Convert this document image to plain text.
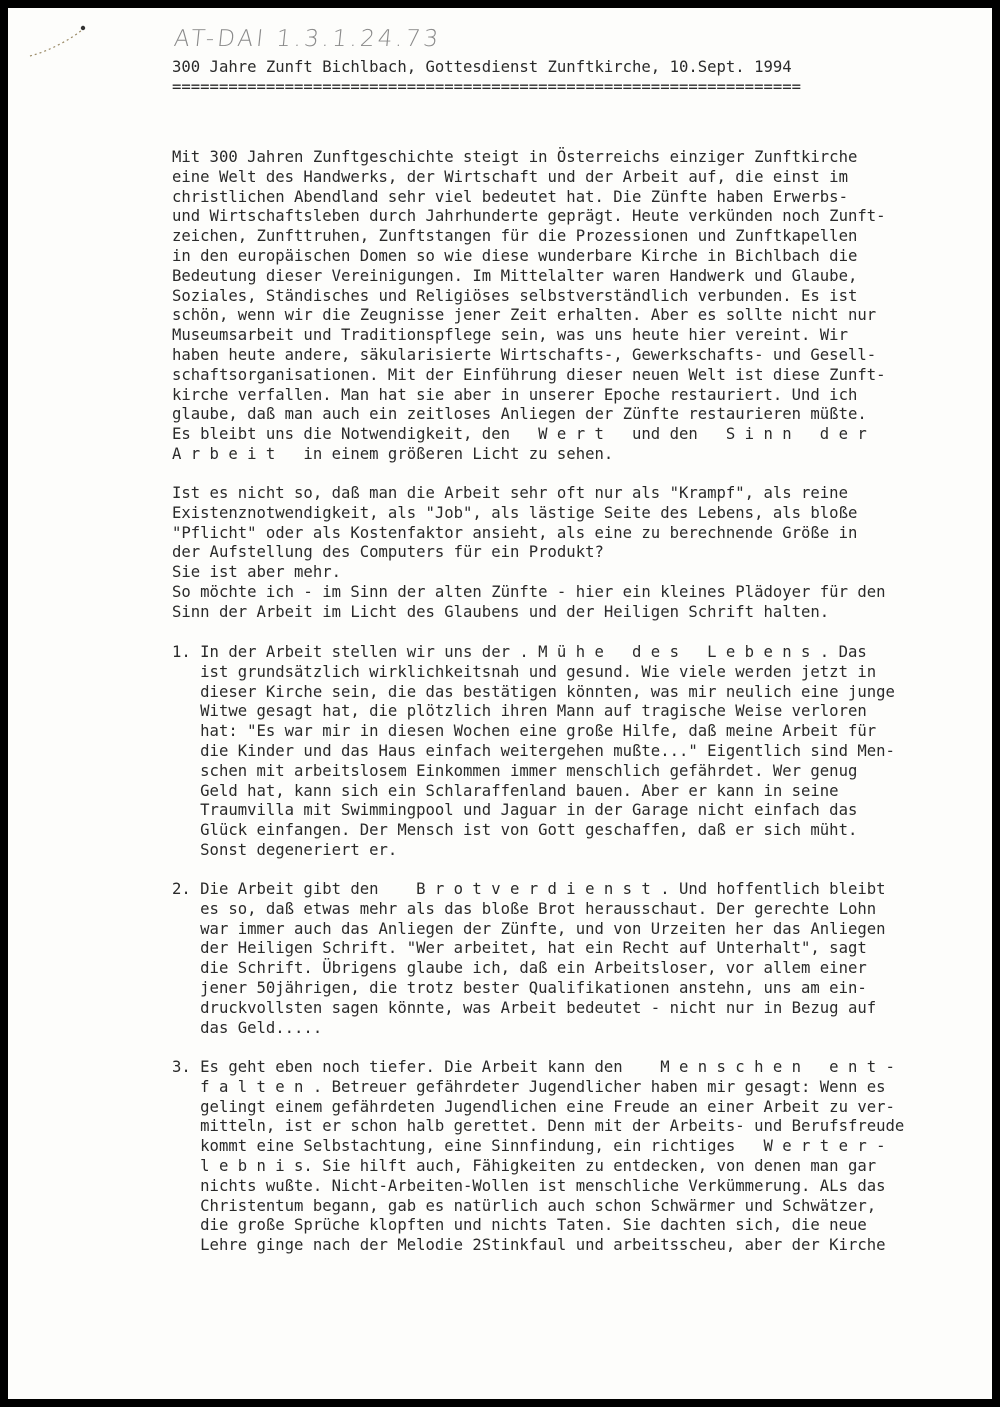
AT-DAI 1.3.1.24.73
300 Jahre Zunft Bichlbach, Gottesdienst Zunftkirche, 10.Sept. 1994
===================================================================
Mit 300 Jahren Zunftgeschichte steigt in Österreichs einziger Zunftkirche
eine Welt des Handwerks, der Wirtschaft und der Arbeit auf, die einst im
christlichen Abendland sehr viel bedeutet hat. Die Zünfte haben Erwerbs-
und Wirtschaftsleben durch Jahrhunderte geprägt. Heute verkünden noch Zunft-
zeichen, Zunfttruhen, Zunftstangen für die Prozessionen und Zunftkapellen
in den europäischen Domen so wie diese wunderbare Kirche in Bichlbach die
Bedeutung dieser Vereinigungen. Im Mittelalter waren Handwerk und Glaube,
Soziales, Ständisches und Religiöses selbstverständlich verbunden. Es ist
schön, wenn wir die Zeugnisse jener Zeit erhalten. Aber es sollte nicht nur
Museumsarbeit und Traditionspflege sein, was uns heute hier vereint. Wir
haben heute andere, säkularisierte Wirtschafts-, Gewerkschafts- und Gesell-
schaftsorganisationen. Mit der Einführung dieser neuen Welt ist diese Zunft-
kirche verfallen. Man hat sie aber in unserer Epoche restauriert. Und ich
glaube, daß man auch ein zeitloses Anliegen der Zünfte restaurieren müßte.
Es bleibt uns die Notwendigkeit, den   W e r t   und den   S i n n   d e r
A r b e i t   in einem größeren Licht zu sehen.
Ist es nicht so, daß man die Arbeit sehr oft nur als "Krampf", als reine
Existenznotwendigkeit, als "Job", als lästige Seite des Lebens, als bloße
"Pflicht" oder als Kostenfaktor ansieht, als eine zu berechnende Größe in
der Aufstellung des Computers für ein Produkt?
Sie ist aber mehr.
So möchte ich - im Sinn der alten Zünfte - hier ein kleines Plädoyer für den
Sinn der Arbeit im Licht des Glaubens und der Heiligen Schrift halten.
1. In der Arbeit stellen wir uns der . M ü h e   d e s   L e b e n s . Das
ist grundsätzlich wirklichkeitsnah und gesund. Wie viele werden jetzt in
dieser Kirche sein, die das bestätigen könnten, was mir neulich eine junge
Witwe gesagt hat, die plötzlich ihren Mann auf tragische Weise verloren
hat: "Es war mir in diesen Wochen eine große Hilfe, daß meine Arbeit für
die Kinder und das Haus einfach weitergehen mußte..." Eigentlich sind Men-
schen mit arbeitslosem Einkommen immer menschlich gefährdet. Wer genug
Geld hat, kann sich ein Schlaraffenland bauen. Aber er kann in seine
Traumvilla mit Swimmingpool und Jaguar in der Garage nicht einfach das
Glück einfangen. Der Mensch ist von Gott geschaffen, daß er sich müht.
Sonst degeneriert er.
2. Die Arbeit gibt den    B r o t v e r d i e n s t . Und hoffentlich bleibt
es so, daß etwas mehr als das bloße Brot herausschaut. Der gerechte Lohn
war immer auch das Anliegen der Zünfte, und von Urzeiten her das Anliegen
der Heiligen Schrift. "Wer arbeitet, hat ein Recht auf Unterhalt", sagt
die Schrift. Übrigens glaube ich, daß ein Arbeitsloser, vor allem einer
jener 50jährigen, die trotz bester Qualifikationen anstehn, uns am ein-
druckvollsten sagen könnte, was Arbeit bedeutet - nicht nur in Bezug auf
das Geld.....
3. Es geht eben noch tiefer. Die Arbeit kann den    M e n s c h e n   e n t -
f a l t e n . Betreuer gefährdeter Jugendlicher haben mir gesagt: Wenn es
gelingt einem gefährdeten Jugendlichen eine Freude an einer Arbeit zu ver-
mitteln, ist er schon halb gerettet. Denn mit der Arbeits- und Berufsfreude
kommt eine Selbstachtung, eine Sinnfindung, ein richtiges   W e r t e r -
l e b n i s. Sie hilft auch, Fähigkeiten zu entdecken, von denen man gar
nichts wußte. Nicht-Arbeiten-Wollen ist menschliche Verkümmerung. ALs das
Christentum begann, gab es natürlich auch schon Schwärmer und Schwätzer,
die große Sprüche klopften und nichts Taten. Sie dachten sich, die neue
Lehre ginge nach der Melodie 2Stinkfaul und arbeitsscheu, aber der Kirche
